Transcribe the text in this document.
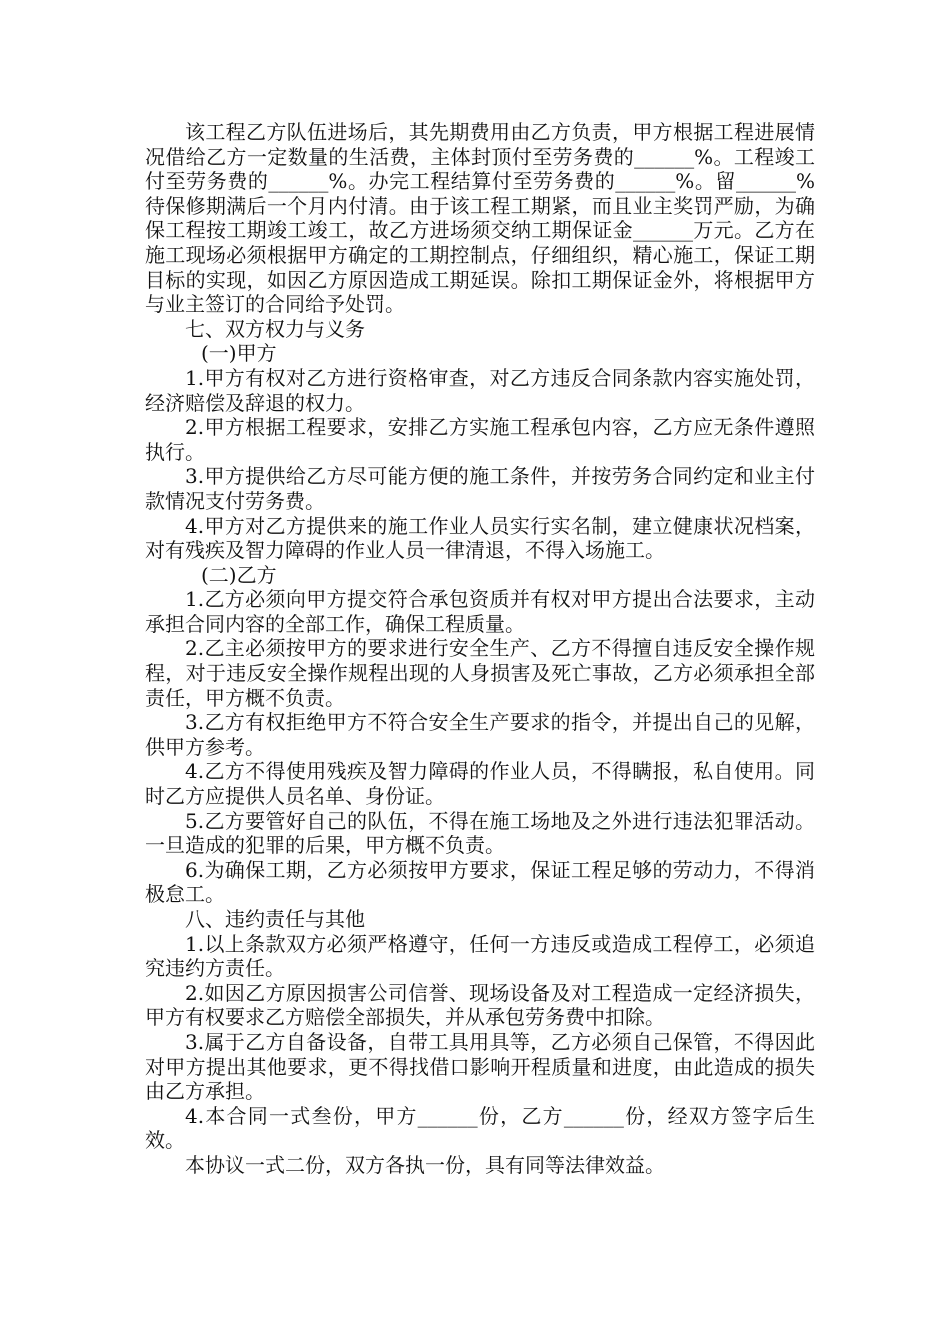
该工程乙方队伍进场后，其先期费用由乙方负责，甲方根据工程进展情况借给乙方一定数量的生活费，主体封顶付至劳务费的______%。工程竣工付至劳务费的______%。办完工程结算付至劳务费的______%。留______%待保修期满后一个月内付清。由于该工程工期紧，而且业主奖罚严励，为确保工程按工期竣工竣工，故乙方进场须交纳工期保证金______万元。乙方在施工现场必须根据甲方确定的工期控制点，仔细组织，精心施工，保证工期目标的实现，如因乙方原因造成工期延误。除扣工期保证金外，将根据甲方与业主签订的合同给予处罚。

七、双方权力与义务

(一)甲方

1.甲方有权对乙方进行资格审查，对乙方违反合同条款内容实施处罚，经济赔偿及辞退的权力。

2.甲方根据工程要求，安排乙方实施工程承包内容，乙方应无条件遵照执行。

3.甲方提供给乙方尽可能方便的施工条件，并按劳务合同约定和业主付款情况支付劳务费。

4.甲方对乙方提供来的施工作业人员实行实名制，建立健康状况档案，对有残疾及智力障碍的作业人员一律清退，不得入场施工。

(二)乙方

1.乙方必须向甲方提交符合承包资质并有权对甲方提出合法要求，主动承担合同内容的全部工作，确保工程质量。

2.乙主必须按甲方的要求进行安全生产、乙方不得擅自违反安全操作规程，对于违反安全操作规程出现的人身损害及死亡事故，乙方必须承担全部责任，甲方概不负责。

3.乙方有权拒绝甲方不符合安全生产要求的指令，并提出自己的见解，供甲方参考。

4.乙方不得使用残疾及智力障碍的作业人员，不得瞒报，私自使用。同时乙方应提供人员名单、身份证。

5.乙方要管好自己的队伍，不得在施工场地及之外进行违法犯罪活动。一旦造成的犯罪的后果，甲方概不负责。

6.为确保工期，乙方必须按甲方要求，保证工程足够的劳动力，不得消极怠工。

八、违约责任与其他

1.以上条款双方必须严格遵守，任何一方违反或造成工程停工，必须追究违约方责任。

2.如因乙方原因损害公司信誉、现场设备及对工程造成一定经济损失，甲方有权要求乙方赔偿全部损失，并从承包劳务费中扣除。

3.属于乙方自备设备，自带工具用具等，乙方必须自己保管，不得因此对甲方提出其他要求，更不得找借口影响开程质量和进度，由此造成的损失由乙方承担。

4.本合同一式叁份，甲方______份，乙方______份，经双方签字后生效。

本协议一式二份，双方各执一份，具有同等法律效益。
